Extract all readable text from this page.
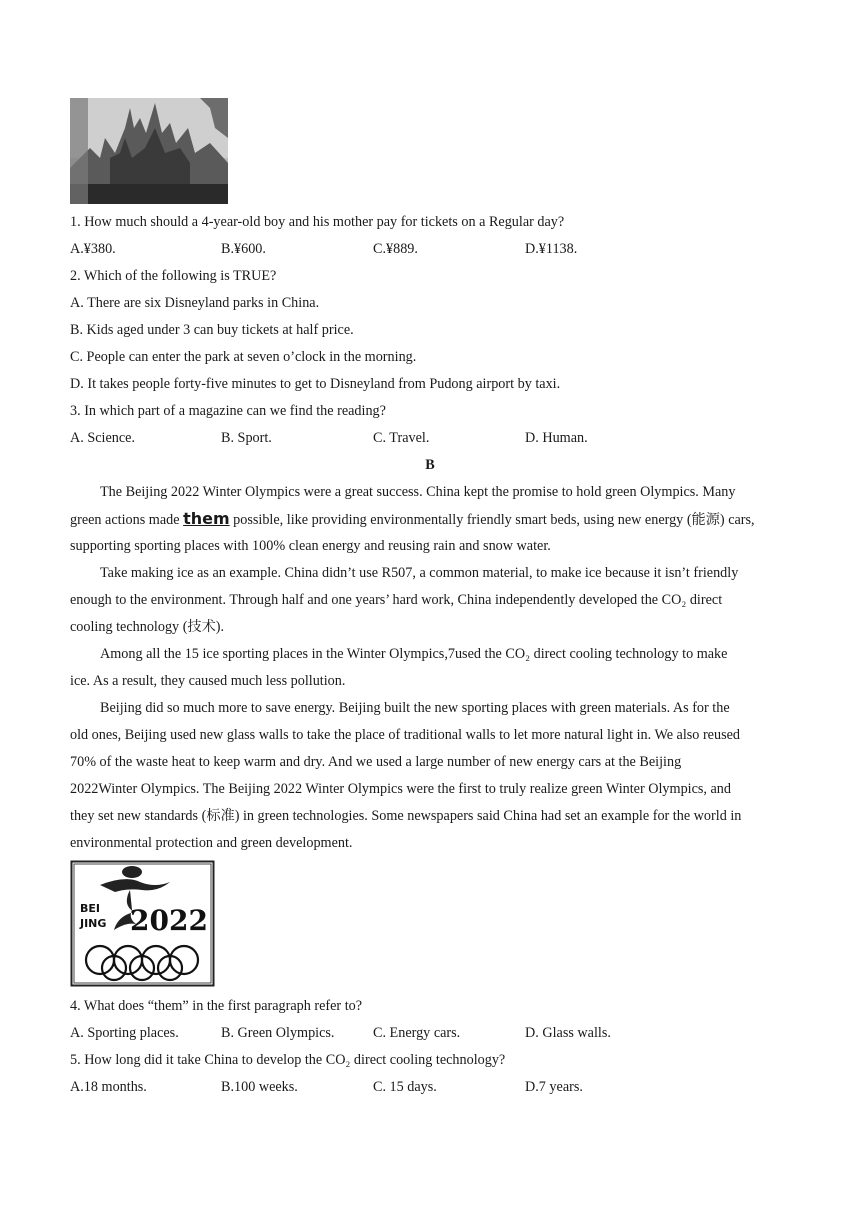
1. How much should a 4-year-old boy and his mother pay for tickets on a Regular day?
A.¥380.	B.¥600.	C.¥889.	D.¥1138.
2. Which of the following is TRUE?
A. There are six Disneyland parks in China.
B. Kids aged under 3 can buy tickets at half price.
C. People can enter the park at seven o’clock in the morning.
D. It takes people forty-five minutes to get to Disneyland from Pudong airport by taxi.
3. In which part of a magazine can we find the reading?
A. Science.	B. Sport.	C. Travel.	D. Human.
B
The Beijing 2022 Winter Olympics were a great success. China kept the promise to hold green Olympics. Many
green actions made them possible, like providing environmentally friendly smart beds, using new energy (能源) cars,
supporting sporting places with 100% clean energy and reusing rain and snow water.
Take making ice as an example. China didn’t use R507, a common material, to make ice because it isn’t friendly
enough to the environment. Through half and one years’ hard work, China independently developed the CO₂ direct
cooling technology (技术).
Among all the 15 ice sporting places in the Winter Olympics,7used the CO₂ direct cooling technology to make
ice. As a result, they caused much less pollution.
Beijing did so much more to save energy. Beijing built the new sporting places with green materials. As for the
old ones, Beijing used new glass walls to take the place of traditional walls to let more natural light in. We also reused
70% of the waste heat to keep warm and dry. And we used a large number of new energy cars at the Beijing
2022Winter Olympics. The Beijing 2022 Winter Olympics were the first to truly realize green Winter Olympics, and
they set new standards (标准) in green technologies. Some newspapers said China had set an example for the world in
environmental protection and green development.
BEI
JING 2022
4. What does “them” in the first paragraph refer to?
A. Sporting places.	B. Green Olympics.	C. Energy cars.	D. Glass walls.
5. How long did it take China to develop the CO₂ direct cooling technology?
A.18 months.	B.100 weeks.	C. 15 days.	D.7 years.
